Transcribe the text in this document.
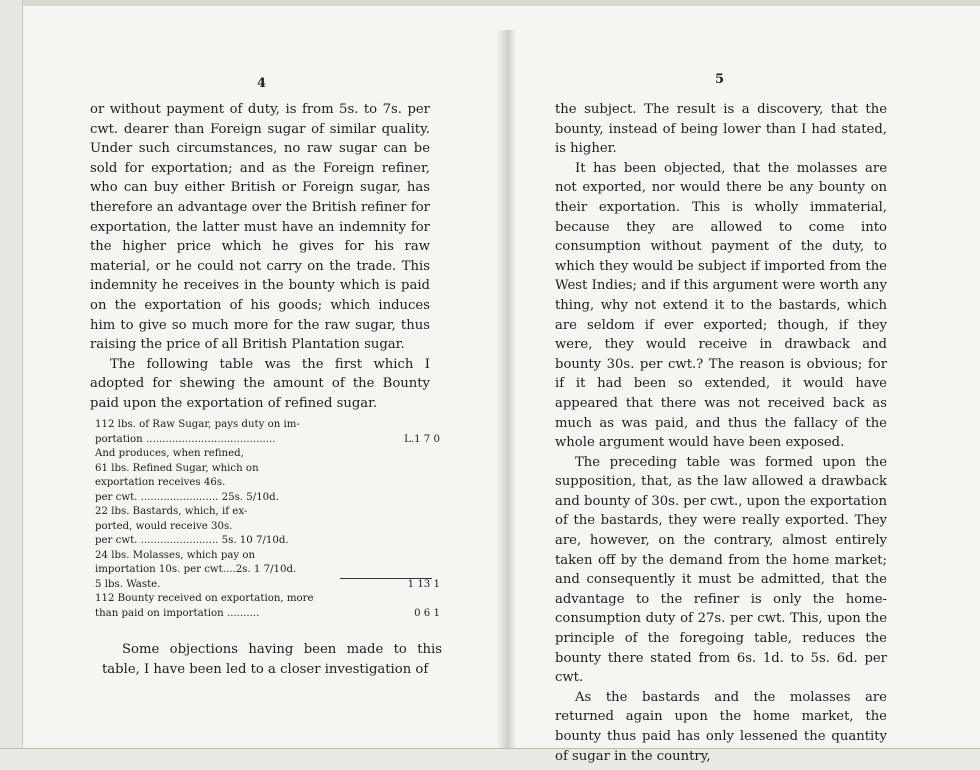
4

or without payment of duty, is from 5s. to 7s. per cwt. dearer than Foreign sugar of similar quality. Under such circumstances, no raw sugar can be sold for exportation; and as the Foreign refiner, who can buy either British or Foreign sugar, has therefore an advantage over the British refiner for exportation, the latter must have an indemnity for the higher price which he gives for his raw material, or he could not carry on the trade. This indemnity he receives in the bounty which is paid on the exportation of his goods; which induces him to give so much more for the raw sugar, thus raising the price of all British Plantation sugar.

The following table was the first which I adopted for shewing the amount of the Bounty paid upon the exportation of refined sugar.

112 lbs. of Raw Sugar, pays duty on im-
portation ........................................	L.1 7 0
And produces, when refined,
61 lbs. Refined Sugar, which on
exportation receives 46s.
per cwt. ........................ 25s. 5/10d.
22 lbs. Bastards, which, if ex-
ported, would receive 30s.
per cwt. ........................ 5s. 10 7/10d.
24 lbs. Molasses, which pay on
importation 10s. per cwt....2s. 1 7/10d.
5 lbs. Waste.	1 13 1
112 Bounty received on exportation, more
than paid on importation ..........	0 6 1

Some objections having been made to this table, I have been led to a closer investigation of

5

the subject. The result is a discovery, that the bounty, instead of being lower than I had stated, is higher.

It has been objected, that the molasses are not exported, nor would there be any bounty on their exportation. This is wholly immaterial, because they are allowed to come into consumption without payment of the duty, to which they would be subject if imported from the West Indies; and if this argument were worth any thing, why not extend it to the bastards, which are seldom if ever exported; though, if they were, they would receive in drawback and bounty 30s. per cwt.? The reason is obvious; for if it had been so extended, it would have appeared that there was not received back as much as was paid, and thus the fallacy of the whole argument would have been exposed.

The preceding table was formed upon the supposition, that, as the law allowed a drawback and bounty of 30s. per cwt., upon the exportation of the bastards, they were really exported. They are, however, on the contrary, almost entirely taken off by the demand from the home market; and consequently it must be admitted, that the advantage to the refiner is only the home-consumption duty of 27s. per cwt. This, upon the principle of the foregoing table, reduces the bounty there stated from 6s. 1d. to 5s. 6d. per cwt.

As the bastards and the molasses are returned again upon the home market, the bounty thus paid has only lessened the quantity of sugar in the country,
